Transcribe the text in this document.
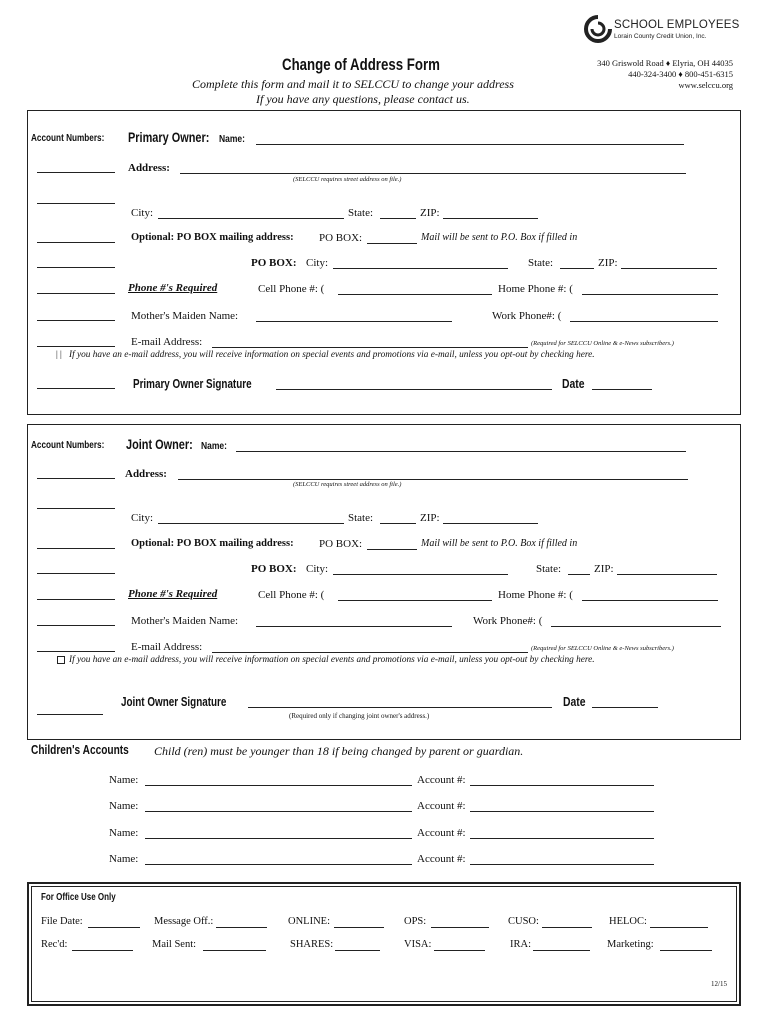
Change of Address Form
Complete this form and mail it to SELCCU to change your address
If you have any questions, please contact us.
SCHOOL EMPLOYEES
Lorain County Credit Union, Inc.
340 Griswold Road ♦ Elyria, OH 44035
440-324-3400 ♦ 800-451-6315
www.selccu.org
Account Numbers:	Primary Owner: Name:
Address:
(SELCCU requires street address on file.)
City:	State:	ZIP:
Optional: PO BOX mailing address: PO BOX:	Mail will be sent to P.O. Box if filled in
PO BOX: City:	State:	ZIP:
Phone #'s Required	Cell Phone #: (	Home Phone #: (
Mother's Maiden Name:	Work Phone#: (
E-mail Address:	(Required for SELCCU Online & e-News subscribers.)
| | If you have an e-mail address, you will receive information on special events and promotions via e-mail, unless you opt-out by checking here.
Primary Owner Signature	Date
Account Numbers:	Joint Owner: Name:
Address:
(SELCCU requires street address on file.)
City:	State:	ZIP:
Optional: PO BOX mailing address: PO BOX:	Mail will be sent to P.O. Box if filled in
PO BOX: City:	State:	ZIP:
Phone #'s Required	Cell Phone #: (	Home Phone #: (
Mother's Maiden Name:	Work Phone#: (
E-mail Address:	(Required for SELCCU Online & e-News subscribers.)
If you have an e-mail address, you will receive information on special events and promotions via e-mail, unless you opt-out by checking here.
Joint Owner Signature	Date
(Required only if changing joint owner's address.)
Children's Accounts	Child (ren) must be younger than 18 if being changed by parent or guardian.
Name:	Account #:
Name:	Account #:
Name:	Account #:
Name:	Account #:
For Office Use Only
File Date:	Message Off.:	ONLINE:	OPS:	CUSO:	HELOC:
Rec'd:	Mail Sent:	SHARES:	VISA:	IRA:	Marketing:
12/15
